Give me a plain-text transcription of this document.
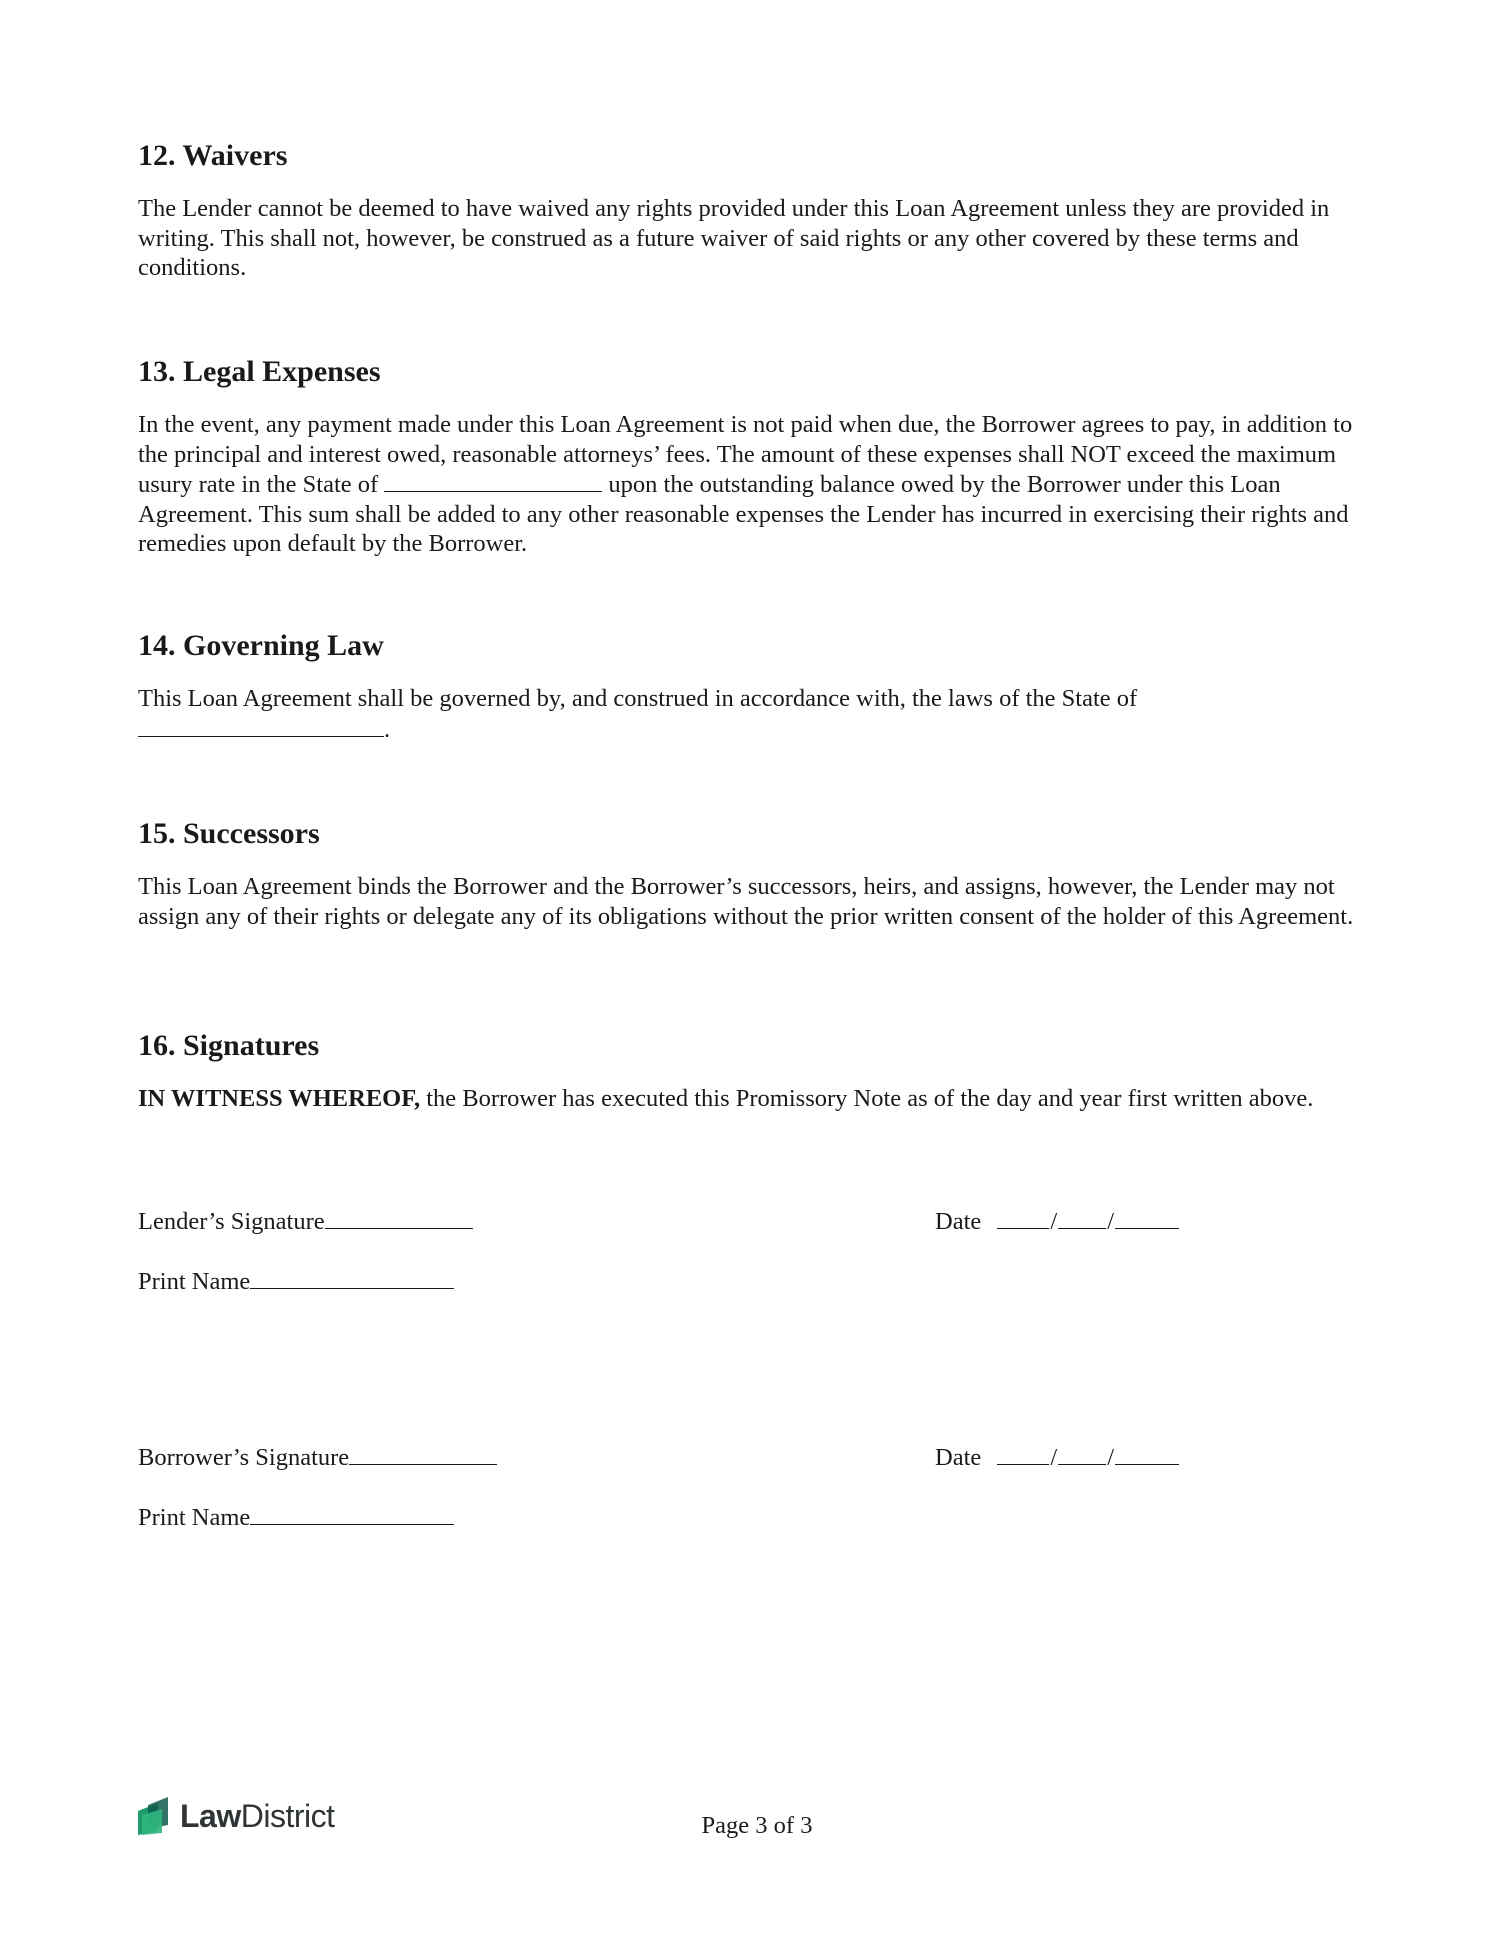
12. Waivers

The Lender cannot be deemed to have waived any rights provided under this Loan Agreement unless they are provided in writing. This shall not, however, be construed as a future waiver of said rights or any other covered by these terms and conditions.

13. Legal Expenses

In the event, any payment made under this Loan Agreement is not paid when due, the Borrower agrees to pay, in addition to the principal and interest owed, reasonable attorneys’ fees. The amount of these expenses shall NOT exceed the maximum usury rate in the State of	upon the outstanding balance owed by the Borrower under this Loan Agreement. This sum shall be added to any other reasonable expenses the Lender has incurred in exercising their rights and remedies upon default by the Borrower.

14. Governing Law

This Loan Agreement shall be governed by, and construed in accordance with, the laws of the State of
.

15. Successors

This Loan Agreement binds the Borrower and the Borrower’s successors, heirs, and assigns, however, the Lender may not assign any of their rights or delegate any of its obligations without the prior written consent of the holder of this Agreement.

16. Signatures

IN WITNESS WHEREOF, the Borrower has executed this Promissory Note as of the day and year first written above.

Lender’s Signature	Date	/ /
Print Name
Borrower’s Signature	Date	/ /
Print Name
LawDistrict	Page 3 of 3
